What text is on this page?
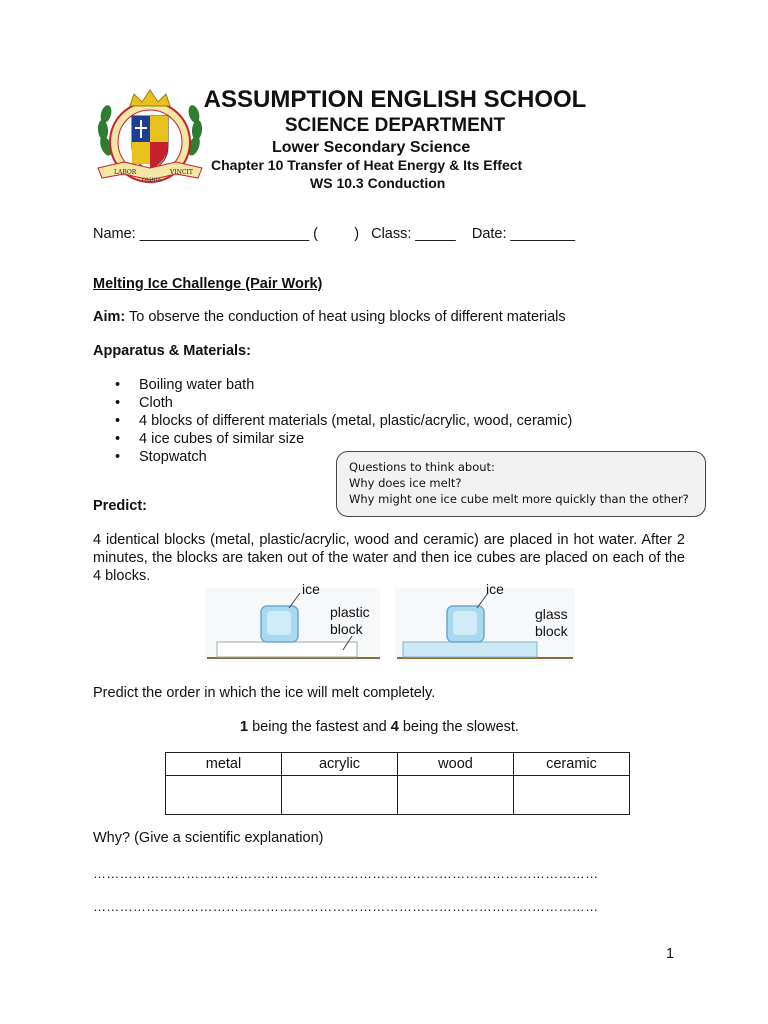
LABOR	VINCIT
OMNIA
ASSUMPTION ENGLISH SCHOOL
SCIENCE DEPARTMENT
Lower Secondary Science
Chapter 10 Transfer of Heat Energy & Its Effect
WS 10.3 Conduction
Name: _____________________ (         )   Class: _____    Date: ________
Melting Ice Challenge (Pair Work)
Aim: To observe the conduction of heat using blocks of different materials
Apparatus & Materials:
• Boiling water bath
• Cloth
• 4 blocks of different materials (metal, plastic/acrylic, wood, ceramic)
• 4 ice cubes of similar size
• Stopwatch
Questions to think about:
Why does ice melt?
Why might one ice cube melt more quickly than the other?
Predict:
4 identical blocks (metal, plastic/acrylic, wood and ceramic) are placed in hot water. After 2 minutes, the blocks are taken out of the water and then ice cubes are placed on each of the 4 blocks.
ice
plastic
block
ice
glass
block
Predict the order in which the ice will melt completely.
1 being the fastest and 4 being the slowest.
metal	acrylic	wood	ceramic

Why? (Give a scientific explanation)
……………………………………………………………………………………………………
……………………………………………………………………………………………………
1
